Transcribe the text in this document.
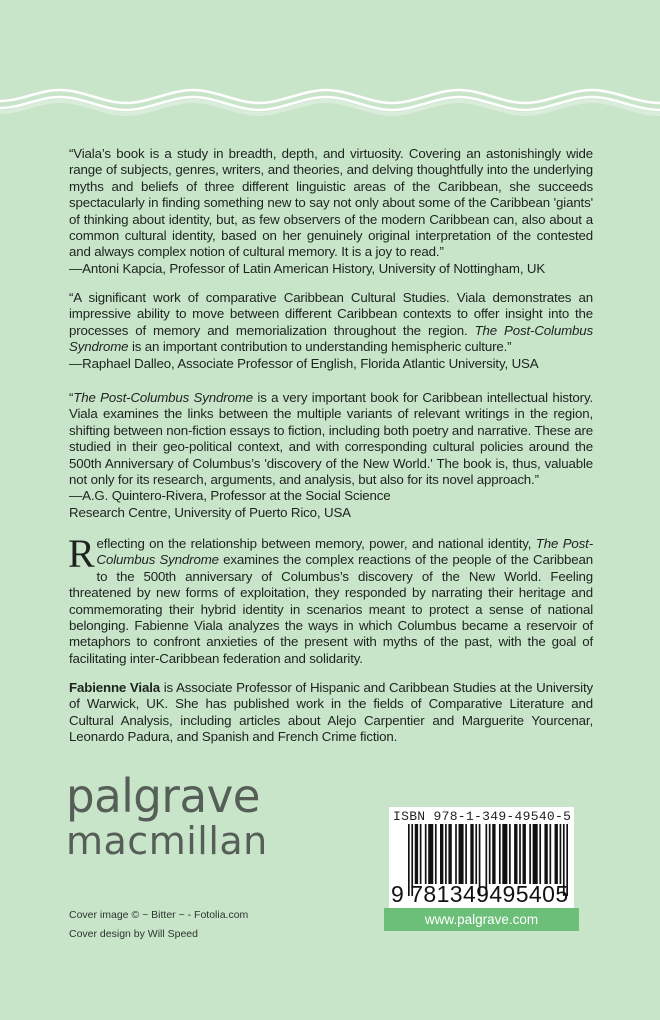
“Viala’s book is a study in breadth, depth, and virtuosity. Covering an astonishingly wide range of subjects, genres, writers, and theories, and delving thoughtfully into the underlying myths and beliefs of three different linguistic areas of the Caribbean, she succeeds spectacularly in finding something new to say not only about some of the Caribbean 'giants' of thinking about identity, but, as few observers of the modern Caribbean can, also about a common cultural identity, based on her genuinely original interpretation of the contested and always complex notion of cultural memory. It is a joy to read.”

—Antoni Kapcia, Professor of Latin American History, University of Nottingham, UK

“A significant work of comparative Caribbean Cultural Studies. Viala demonstrates an impressive ability to move between different Caribbean contexts to offer insight into the processes of memory and memorialization throughout the region. The Post-Columbus Syndrome is an important contribution to understanding hemispheric culture.”

—Raphael Dalleo, Associate Professor of English, Florida Atlantic University, USA

“The Post-Columbus Syndrome is a very important book for Caribbean intellectual history. Viala examines the links between the multiple variants of relevant writings in the region, shifting between non-fiction essays to fiction, including both poetry and narrative. These are studied in their geo-political context, and with corresponding cultural policies around the 500th Anniversary of Columbus’s 'discovery of the New World.' The book is, thus, valuable not only for its research, arguments, and analysis, but also for its novel approach.”

—A.G. Quintero-Rivera, Professor at the Social Science

Research Centre, University of Puerto Rico, USA

Reflecting on the relationship between memory, power, and national identity, The Post-Columbus Syndrome examines the complex reactions of the people of the Caribbean to the 500th anniversary of Columbus’s discovery of the New World. Feeling threatened by new forms of exploitation, they responded by narrating their heritage and commemorating their hybrid identity in scenarios meant to protect a sense of national belonging. Fabienne Viala analyzes the ways in which Columbus became a reservoir of metaphors to confront anxieties of the present with myths of the past, with the goal of facilitating inter-Caribbean federation and solidarity.

Fabienne Viala is Associate Professor of Hispanic and Caribbean Studies at the University of Warwick, UK. She has published work in the fields of Comparative Literature and Cultural Analysis, including articles about Alejo Carpentier and Marguerite Yourcenar, Leonardo Padura, and Spanish and French Crime fiction.

palgrave
macmillan
Cover image © ~ Bitter ~ - Fotolia.com
Cover design by Will Speed
ISBN 978-1-349-49540-5
9 781349495405
www.palgrave.com
